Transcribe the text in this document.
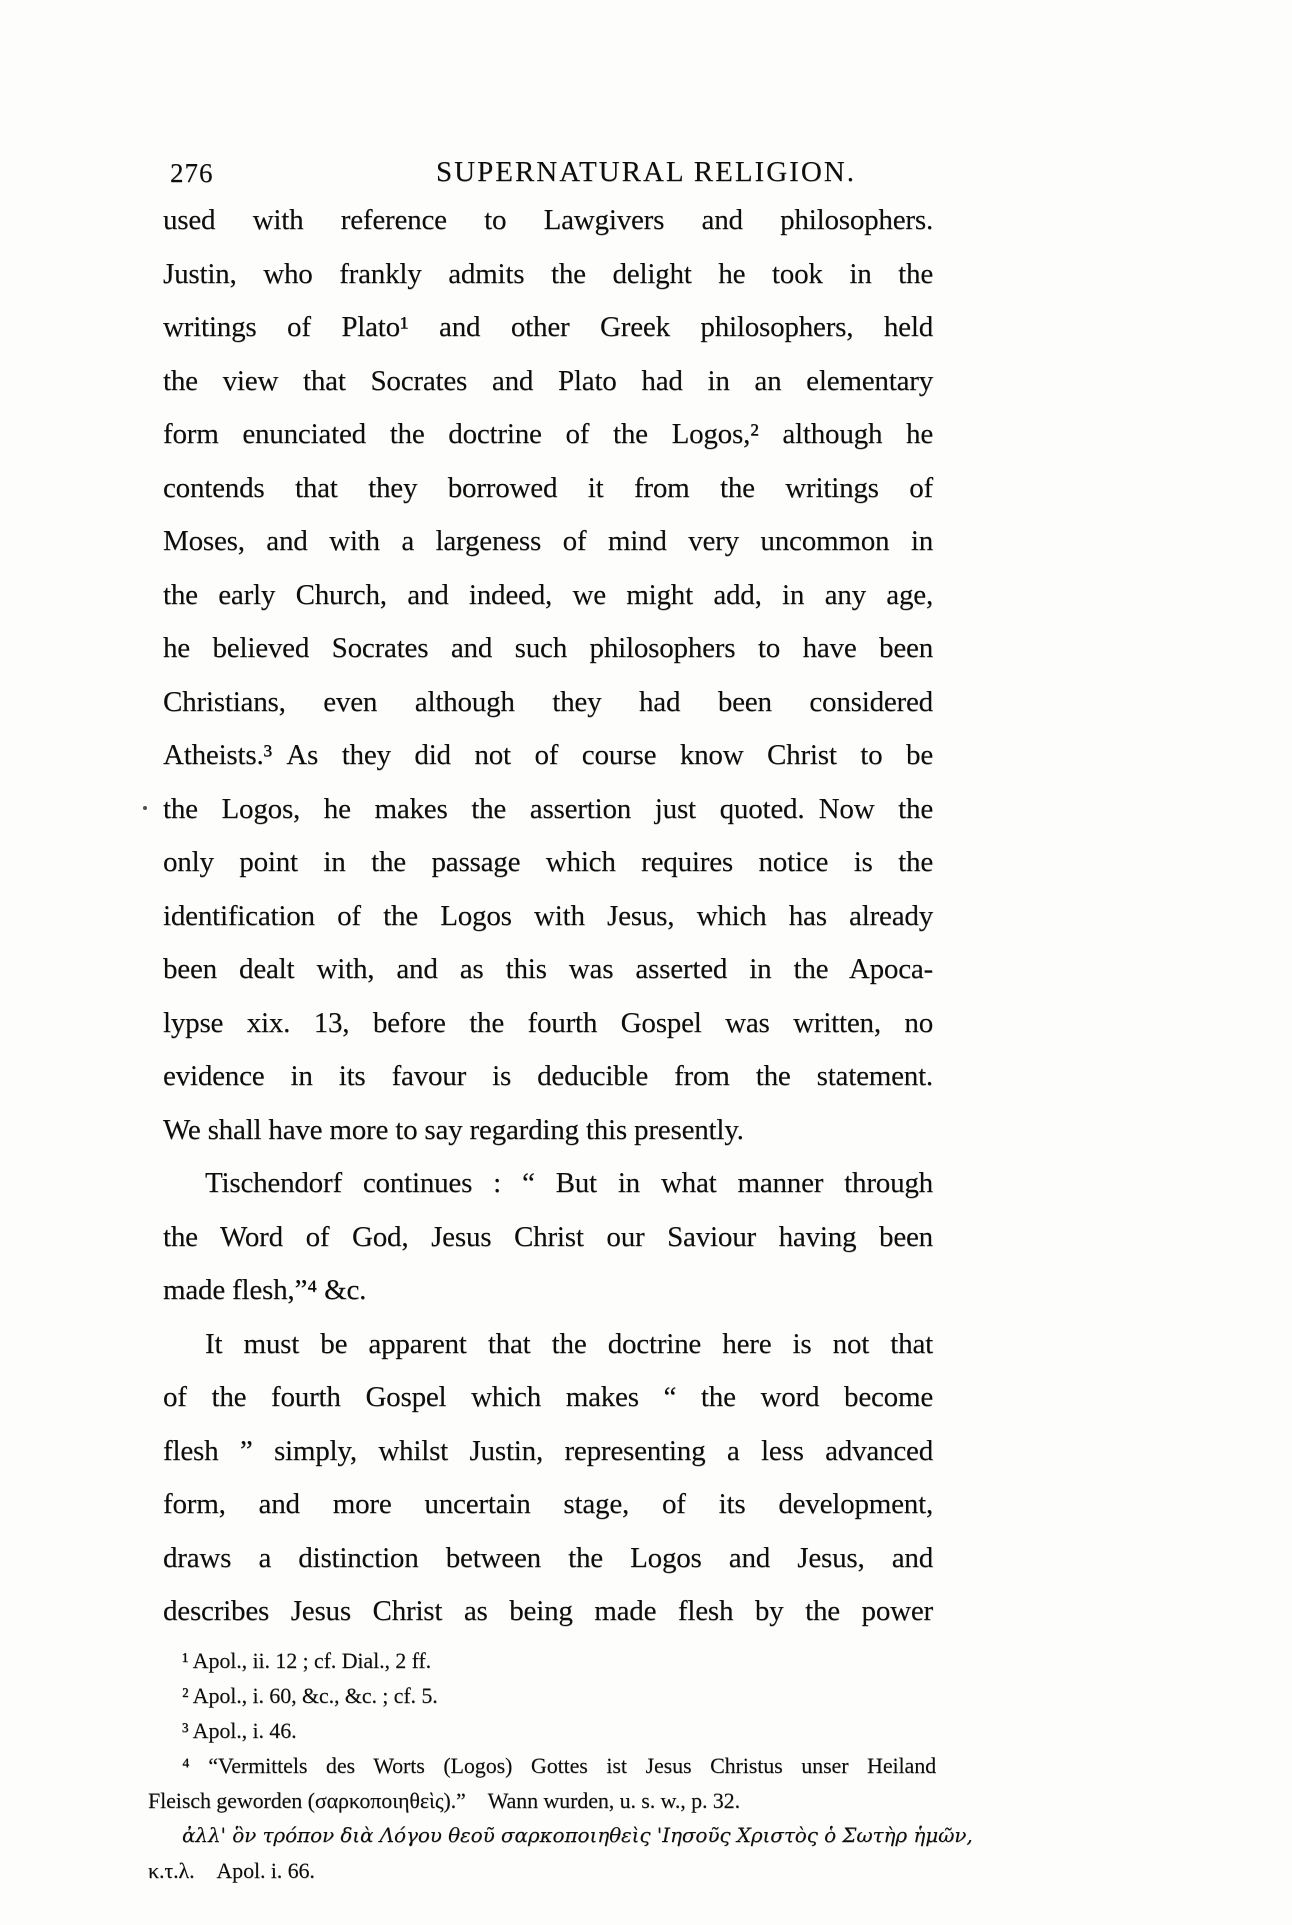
276	SUPERNATURAL RELIGION.
used with reference to Lawgivers and philosophers.
Justin, who frankly admits the delight he took in the
writings of Plato¹ and other Greek philosophers, held
the view that Socrates and Plato had in an elementary
form enunciated the doctrine of the Logos,² although he
contends that they borrowed it from the writings of
Moses, and with a largeness of mind very uncommon in
the early Church, and indeed, we might add, in any age,
he believed Socrates and such philosophers to have been
Christians, even although they had been considered
Atheists.³ As they did not of course know Christ to be
the Logos, he makes the assertion just quoted. Now the
only point in the passage which requires notice is the
identification of the Logos with Jesus, which has already
been dealt with, and as this was asserted in the Apoca-
lypse xix. 13, before the fourth Gospel was written, no
evidence in its favour is deducible from the statement.
We shall have more to say regarding this presently.
Tischendorf continues : “ But in what manner through
the Word of God, Jesus Christ our Saviour having been
made flesh,”⁴ &c.
It must be apparent that the doctrine here is not that
of the fourth Gospel which makes “ the word become
flesh ” simply, whilst Justin, representing a less advanced
form, and more uncertain stage, of its development,
draws a distinction between the Logos and Jesus, and
describes Jesus Christ as being made flesh by the power
¹ Apol., ii. 12 ; cf. Dial., 2 ff.
² Apol., i. 60, &c., &c. ; cf. 5.
³ Apol., i. 46.
⁴ “Vermittels des Worts (Logos) Gottes ist Jesus Christus unser Heiland
Fleisch geworden (σαρκοποιηθεὶς).” Wann wurden, u. s. w., p. 32.
ἀλλ' ὃν τρόπον διὰ Λόγου θεοῦ σαρκοποιηθεὶς 'Ιησοῦς Χριστὸς ὁ Σωτὴρ ἡμῶν,
κ.τ.λ. Apol. i. 66.
